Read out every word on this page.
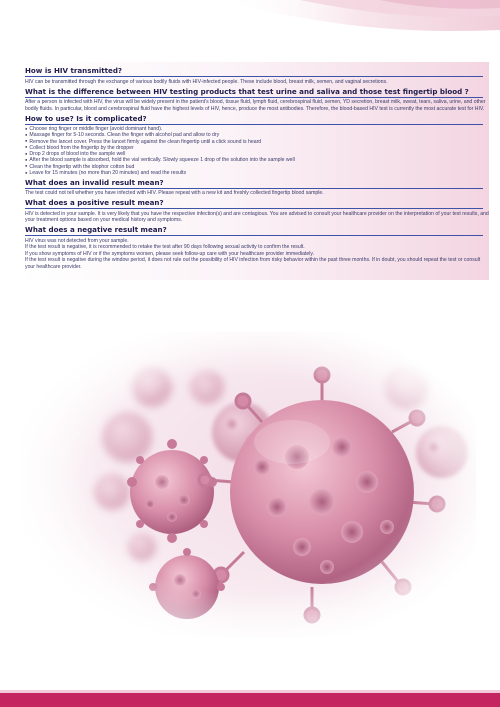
How is HIV transmitted?

HIV can be transmitted through the exchange of various bodily fluids with HIV-infected people. These include blood, breast milk, semen, and vaginal secretions.

What is the difference between HIV testing products that test urine and saliva and those test fingertip blood ?

After a person is infected with HIV, the virus will be widely present in the patient's blood, tissue fluid, lymph fluid, cerebrospinal fluid, semen, YD secretion, breast milk, sweat, tears, saliva, urine, and other bodily fluids. In particular, blood and cerebrospinal fluid have the highest levels of HIV, hence, produce the most antibodies. Therefore, the blood-based HIV test is currently the most accurate test for HIV.

How to use? Is it complicated?
● Choose ring finger or middle finger (avoid dominant hand).
● Massage finger for 5-10 seconds. Clean the finger with alcohol pad and allow to dry
● Remove the lancet cover. Press the lancet firmly against the clean fingertip until a click sound is heard
● Collect blood from the fingertip by the dropper
● Drop 2 drops of blood into the sample well
● After the blood sample is absorbed, hold the vial vertically. Slowly squeeze 1 drop of the solution into the sample well
● Clean the fingertip with the idophor cotton bud
● Leave for 15 minutes (no more than 20 minutes) and read the results
What does an invalid result mean?

The test could not tell whether you have infected with HIV. Please repeat with a new kit and freshly collected fingertip blood sample.

What does a positive result mean?

HIV is detected in your sample. It is very likely that you have the respective infection(s) and are contagious. You are advised to consult your healthcare provider on the interpretation of your test results, and your treatment options based on your medical history and symptoms.

What does a negative result mean?

HIV virus was not detected from your sample.

If the test result is negative, it is recommended to retake the test after 90 days following sexual activity to confirm the result.

If you show symptoms of HIV or if the symptoms worsen, please seek follow-up care with your healthcare provider immediately.

If the test result is negative during the window period, it does not rule out the possibility of HIV infection from risky behavior within the past three months. If in doubt, you should repeat the test or consult your healthcare provider.
